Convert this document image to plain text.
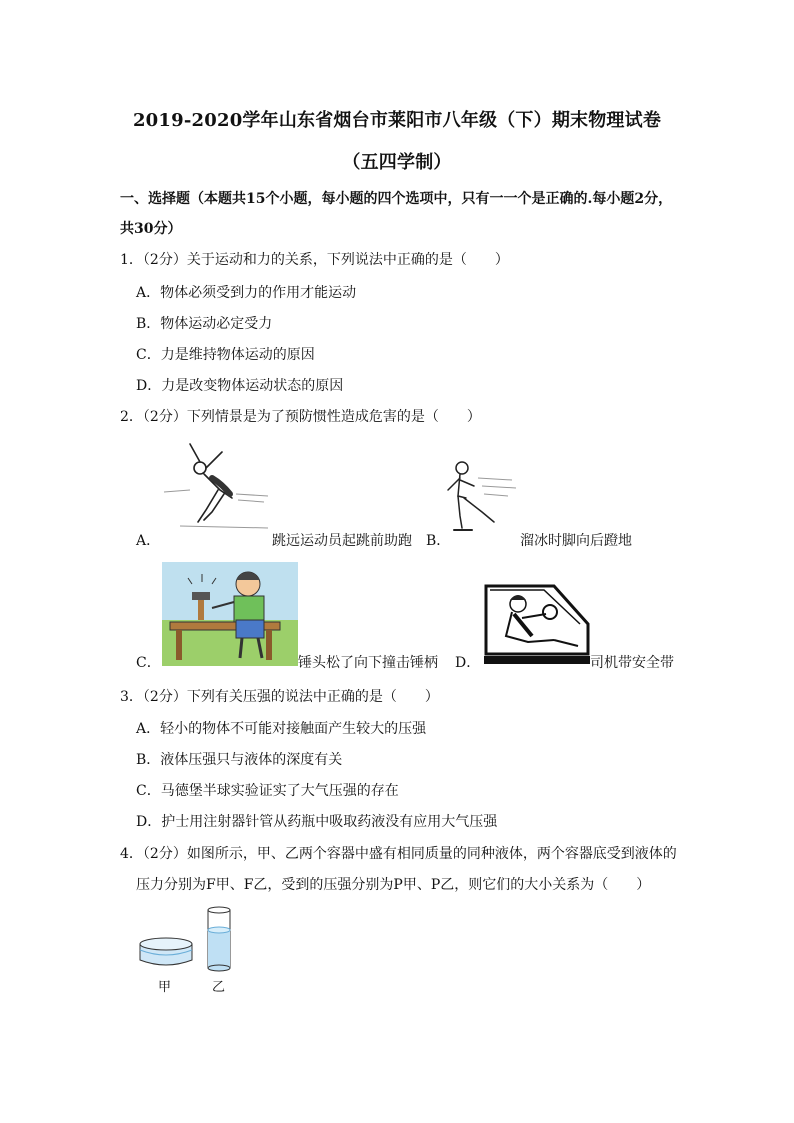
2019-2020学年山东省烟台市莱阳市八年级（下）期末物理试卷
（五四学制）
一、选择题（本题共15个小题，每小题的四个选项中，只有一一个是正确的.每小题2分，
共30分）
1．（2分）关于运动和力的关系，下列说法中正确的是（　　）
A．物体必须受到力的作用才能运动
B．物体运动必定受力
C．力是维持物体运动的原因
D．力是改变物体运动状态的原因
2．（2分）下列情景是为了预防惯性造成危害的是（　　）
A．	跳远运动员起跳前助跑 B．	溜冰时脚向后蹬地
C．	锤头松了向下撞击锤柄 D．	司机带安全带
3．（2分）下列有关压强的说法中正确的是（　　）
A．轻小的物体不可能对接触面产生较大的压强
B．液体压强只与液体的深度有关
C．马德堡半球实验证实了大气压强的存在
D．护士用注射器针管从药瓶中吸取药液没有应用大气压强
4．（2分）如图所示，甲、乙两个容器中盛有相同质量的同种液体，两个容器底受到液体的
压力分别为F甲、F乙，受到的压强分别为P甲、P乙，则它们的大小关系为（　　）
甲	乙
